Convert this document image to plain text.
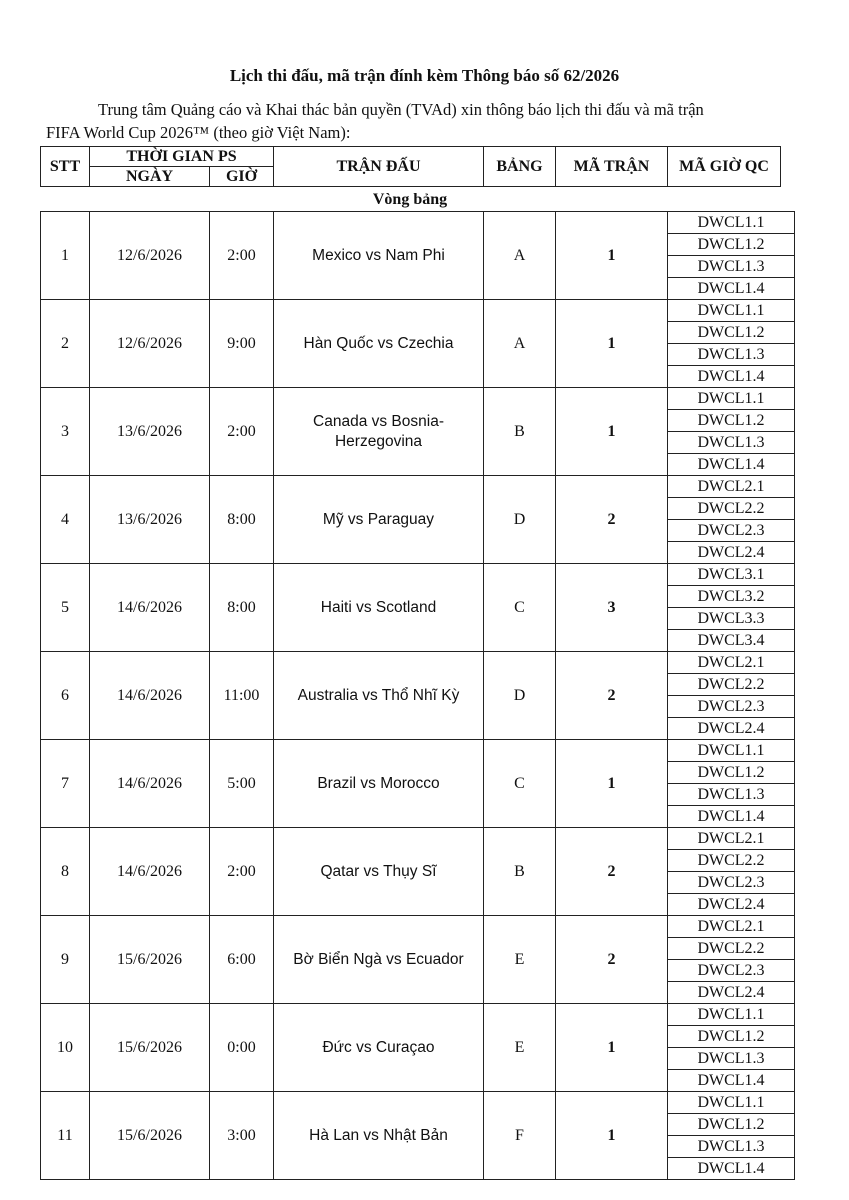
Lịch thi đấu, mã trận đính kèm Thông báo số 62/2026
Trung tâm Quảng cáo và Khai thác bản quyền (TVAd) xin thông báo lịch thi đấu và mã trận
FIFA World Cup 2026™ (theo giờ Việt Nam):
STT	THỜI GIAN PS		TRẬN ĐẤU	BẢNG	MÃ TRẬN	MÃ GIỜ QC
	NGÀY	GIỜ				
Vòng bảng
1	12/6/2026	2:00	Mexico vs Nam Phi	A	1	DWCL1.1
						DWCL1.2
						DWCL1.3
						DWCL1.4
2	12/6/2026	9:00	Hàn Quốc vs Czechia	A	1	DWCL1.1
						DWCL1.2
						DWCL1.3
						DWCL1.4
3	13/6/2026	2:00	Canada vs Bosnia-Herzegovina	B	1	DWCL1.1
						DWCL1.2
						DWCL1.3
						DWCL1.4
4	13/6/2026	8:00	Mỹ vs Paraguay	D	2	DWCL2.1
						DWCL2.2
						DWCL2.3
						DWCL2.4
5	14/6/2026	8:00	Haiti vs Scotland	C	3	DWCL3.1
						DWCL3.2
						DWCL3.3
						DWCL3.4
6	14/6/2026	11:00	Australia vs Thổ Nhĩ Kỳ	D	2	DWCL2.1
						DWCL2.2
						DWCL2.3
						DWCL2.4
7	14/6/2026	5:00	Brazil vs Morocco	C	1	DWCL1.1
						DWCL1.2
						DWCL1.3
						DWCL1.4
8	14/6/2026	2:00	Qatar vs Thụy Sĩ	B	2	DWCL2.1
						DWCL2.2
						DWCL2.3
						DWCL2.4
9	15/6/2026	6:00	Bờ Biển Ngà vs Ecuador	E	2	DWCL2.1
						DWCL2.2
						DWCL2.3
						DWCL2.4
10	15/6/2026	0:00	Đức vs Curaçao	E	1	DWCL1.1
						DWCL1.2
						DWCL1.3
						DWCL1.4
11	15/6/2026	3:00	Hà Lan vs Nhật Bản	F	1	DWCL1.1
						DWCL1.2
						DWCL1.3
						DWCL1.4
